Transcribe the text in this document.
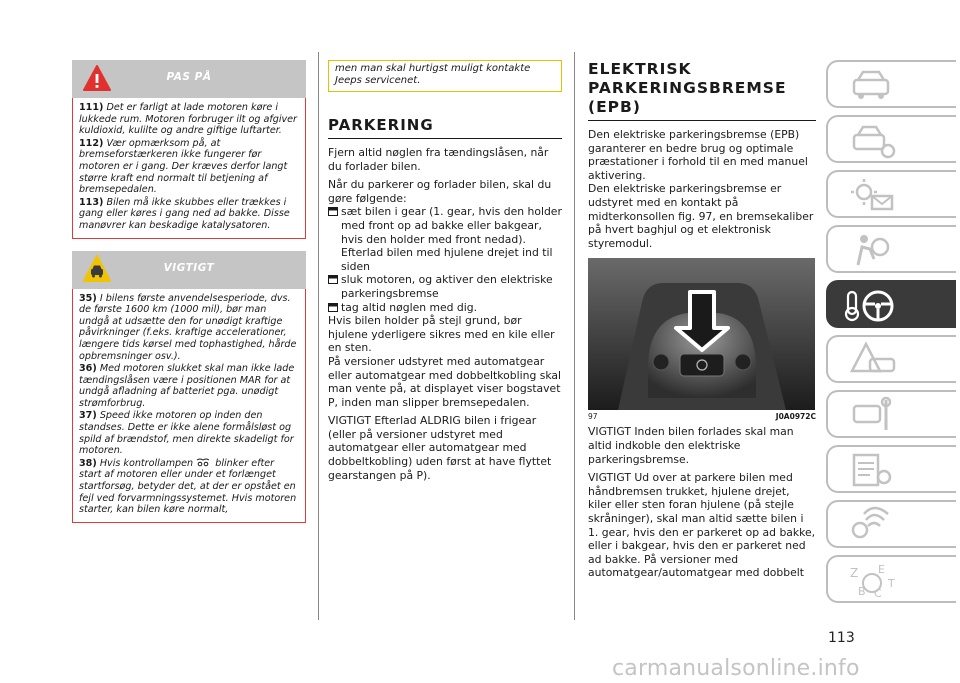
PAS PÅ

111) Det er farligt at lade motoren køre i lukkede rum. Motoren forbruger ilt og afgiver kuldioxid, kulilte og andre giftige luftarter.

112) Vær opmærksom på, at bremseforstærkeren ikke fungerer før motoren er i gang. Der kræves derfor langt større kraft end normalt til betjening af bremsepedalen.

113) Bilen må ikke skubbes eller trækkes i gang eller køres i gang ned ad bakke. Disse manøvrer kan beskadige katalysatoren.

VIGTIGT

35) I bilens første anvendelsesperiode, dvs. de første 1600 km (1000 mil), bør man undgå at udsætte den for unødigt kraftige påvirkninger (f.eks. kraftige accelerationer, længere tids kørsel med tophastighed, hårde opbremsninger osv.).

36) Med motoren slukket skal man ikke lade tændingslåsen være i positionen MAR for at undgå afladning af batteriet pga. unødigt strømforbrug.

37) Speed ikke motoren op inden den standses. Dette er ikke alene formålsløst og spild af brændstof, men direkte skadeligt for motoren.

38) Hvis kontrollampen blinker efter start af motoren eller under et forlænget startforsøg, betyder det, at der er opstået en fejl ved forvarmningssystemet. Hvis motoren starter, kan bilen køre normalt,

men man skal hurtigst muligt kontakte Jeeps servicenet.

PARKERING

Fjern altid nøglen fra tændingslåsen, når du forlader bilen.

Når du parkerer og forlader bilen, skal du gøre følgende:

sæt bilen i gear (1. gear, hvis den holder med front op ad bakke eller bakgear, hvis den holder med front nedad). Efterlad bilen med hjulene drejet ind til siden

sluk motoren, og aktiver den elektriske parkeringsbremse

tag altid nøglen med dig.

Hvis bilen holder på stejl grund, bør hjulene yderligere sikres med en kile eller en sten.

På versioner udstyret med automatgear eller automatgear med dobbeltkobling skal man vente på, at displayet viser bogstavet P, inden man slipper bremsepedalen.

VIGTIGT Efterlad ALDRIG bilen i frigear (eller på versioner udstyret med automatgear eller automatgear med dobbeltkobling) uden først at have flyttet gearstangen på P).

ELEKTRISK
PARKERINGSBREMSE
(EPB)

Den elektriske parkeringsbremse (EPB) garanterer en bedre brug og optimale præstationer i forhold til en med manuel aktivering.

Den elektriske parkeringsbremse er udstyret med en kontakt på midterkonsollen fig. 97, en bremsekaliber på hvert baghjul og et elektronisk styremodul.

97	J0A0972C

VIGTIGT Inden bilen forlades skal man altid indkoble den elektriske parkeringsbremse.

VIGTIGT Ud over at parkere bilen med håndbremsen trukket, hjulene drejet, kiler eller sten foran hjulene (på stejle skråninger), skal man altid sætte bilen i 1. gear, hvis den er parkeret op ad bakke, eller i bakgear, hvis den er parkeret ned ad bakke. På versioner med automatgear/automatgear med dobbelt	Z E
B C
T
113
carmanualsonline.info
